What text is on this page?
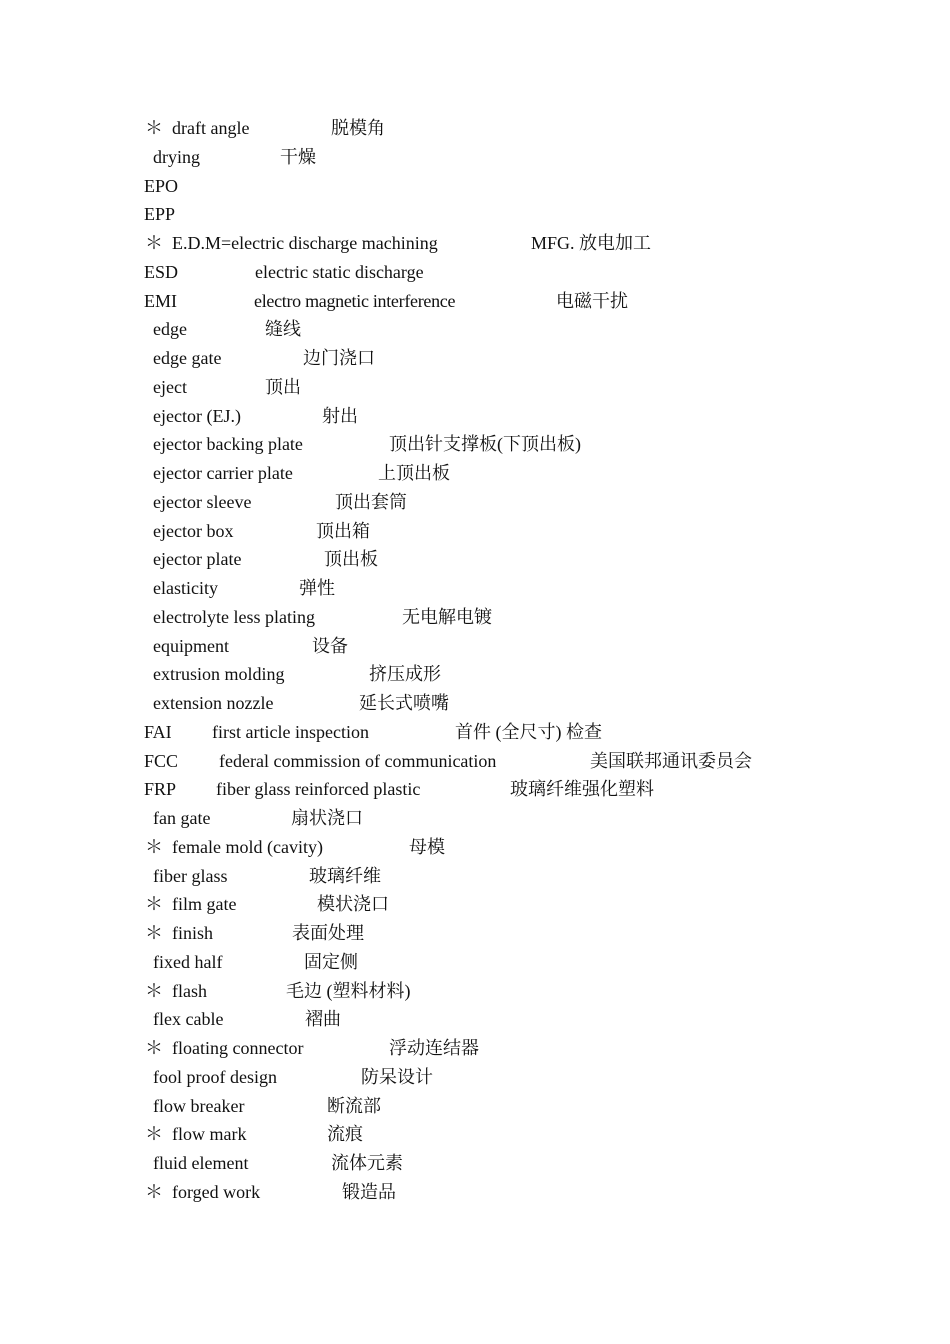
＊ draft angle	脱模角
drying	干燥
EPO
EPP
＊ E.D.M=electric discharge machining	MFG. 放电加工
ESD	electric static discharge
EMI	electro magnetic interference	电磁干扰
edge	缝线
edge gate	边门浇口
eject	顶出
ejector (EJ.)	射出
ejector backing plate	顶出针支撑板(下顶出板)
ejector carrier plate	上顶出板
ejector sleeve	顶出套筒
ejector box	顶出箱
ejector plate	顶出板
elasticity	弹性
electrolyte less plating	无电解电镀
equipment	设备
extrusion molding	挤压成形
extension nozzle	延长式喷嘴
FAI first article inspection	首件 (全尺寸) 检查
FCC federal commission of communication	美国联邦通讯委员会
FRP fiber glass reinforced plastic	玻璃纤维强化塑料
fan gate	扇状浇口
＊ female mold (cavity)	母模
fiber glass	玻璃纤维
＊ film gate	模状浇口
＊ finish	表面处理
fixed half	固定侧
＊ flash	毛边 (塑料材料)
flex cable	褶曲
＊ floating connector	浮动连结器
fool proof design	防呆设计
flow breaker	断流部
＊ flow mark	流痕
fluid element	流体元素
＊ forged work	锻造品
